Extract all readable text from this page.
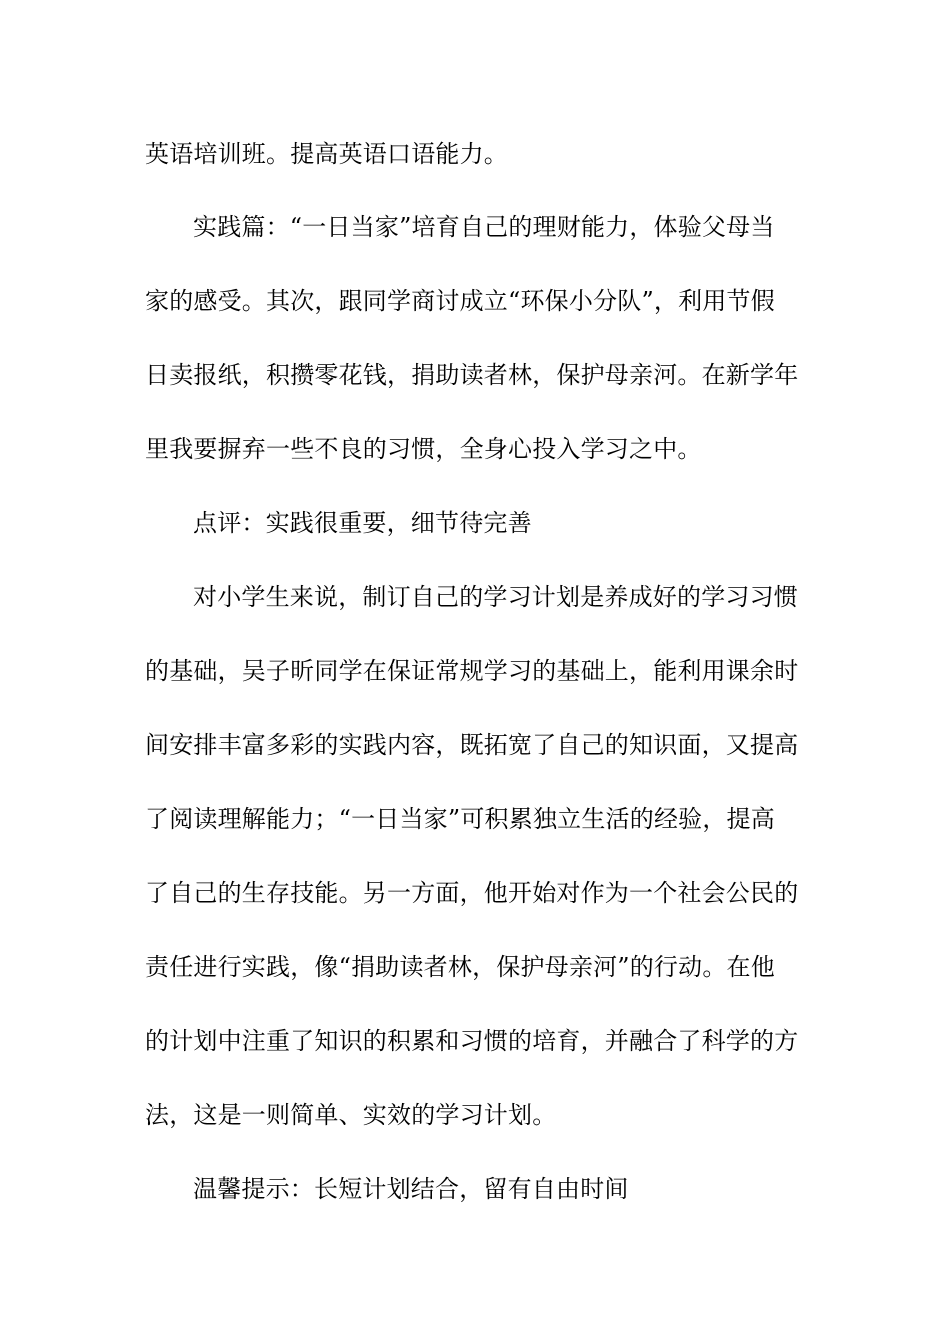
英语培训班。提高英语口语能力。

实践篇：“一日当家”培育自己的理财能力，体验父母当

家的感受。其次，跟同学商讨成立“环保小分队”，利用节假

日卖报纸，积攒零花钱，捐助读者林，保护母亲河。在新学年

里我要摒弃一些不良的习惯，全身心投入学习之中。

点评：实践很重要，细节待完善

对小学生来说，制订自己的学习计划是养成好的学习习惯

的基础，吴子昕同学在保证常规学习的基础上，能利用课余时

间安排丰富多彩的实践内容，既拓宽了自己的知识面，又提高

了阅读理解能力；“一日当家”可积累独立生活的经验，提高

了自己的生存技能。另一方面，他开始对作为一个社会公民的

责任进行实践，像“捐助读者林，保护母亲河”的行动。在他

的计划中注重了知识的积累和习惯的培育，并融合了科学的方

法，这是一则简单、实效的学习计划。

温馨提示：长短计划结合，留有自由时间
